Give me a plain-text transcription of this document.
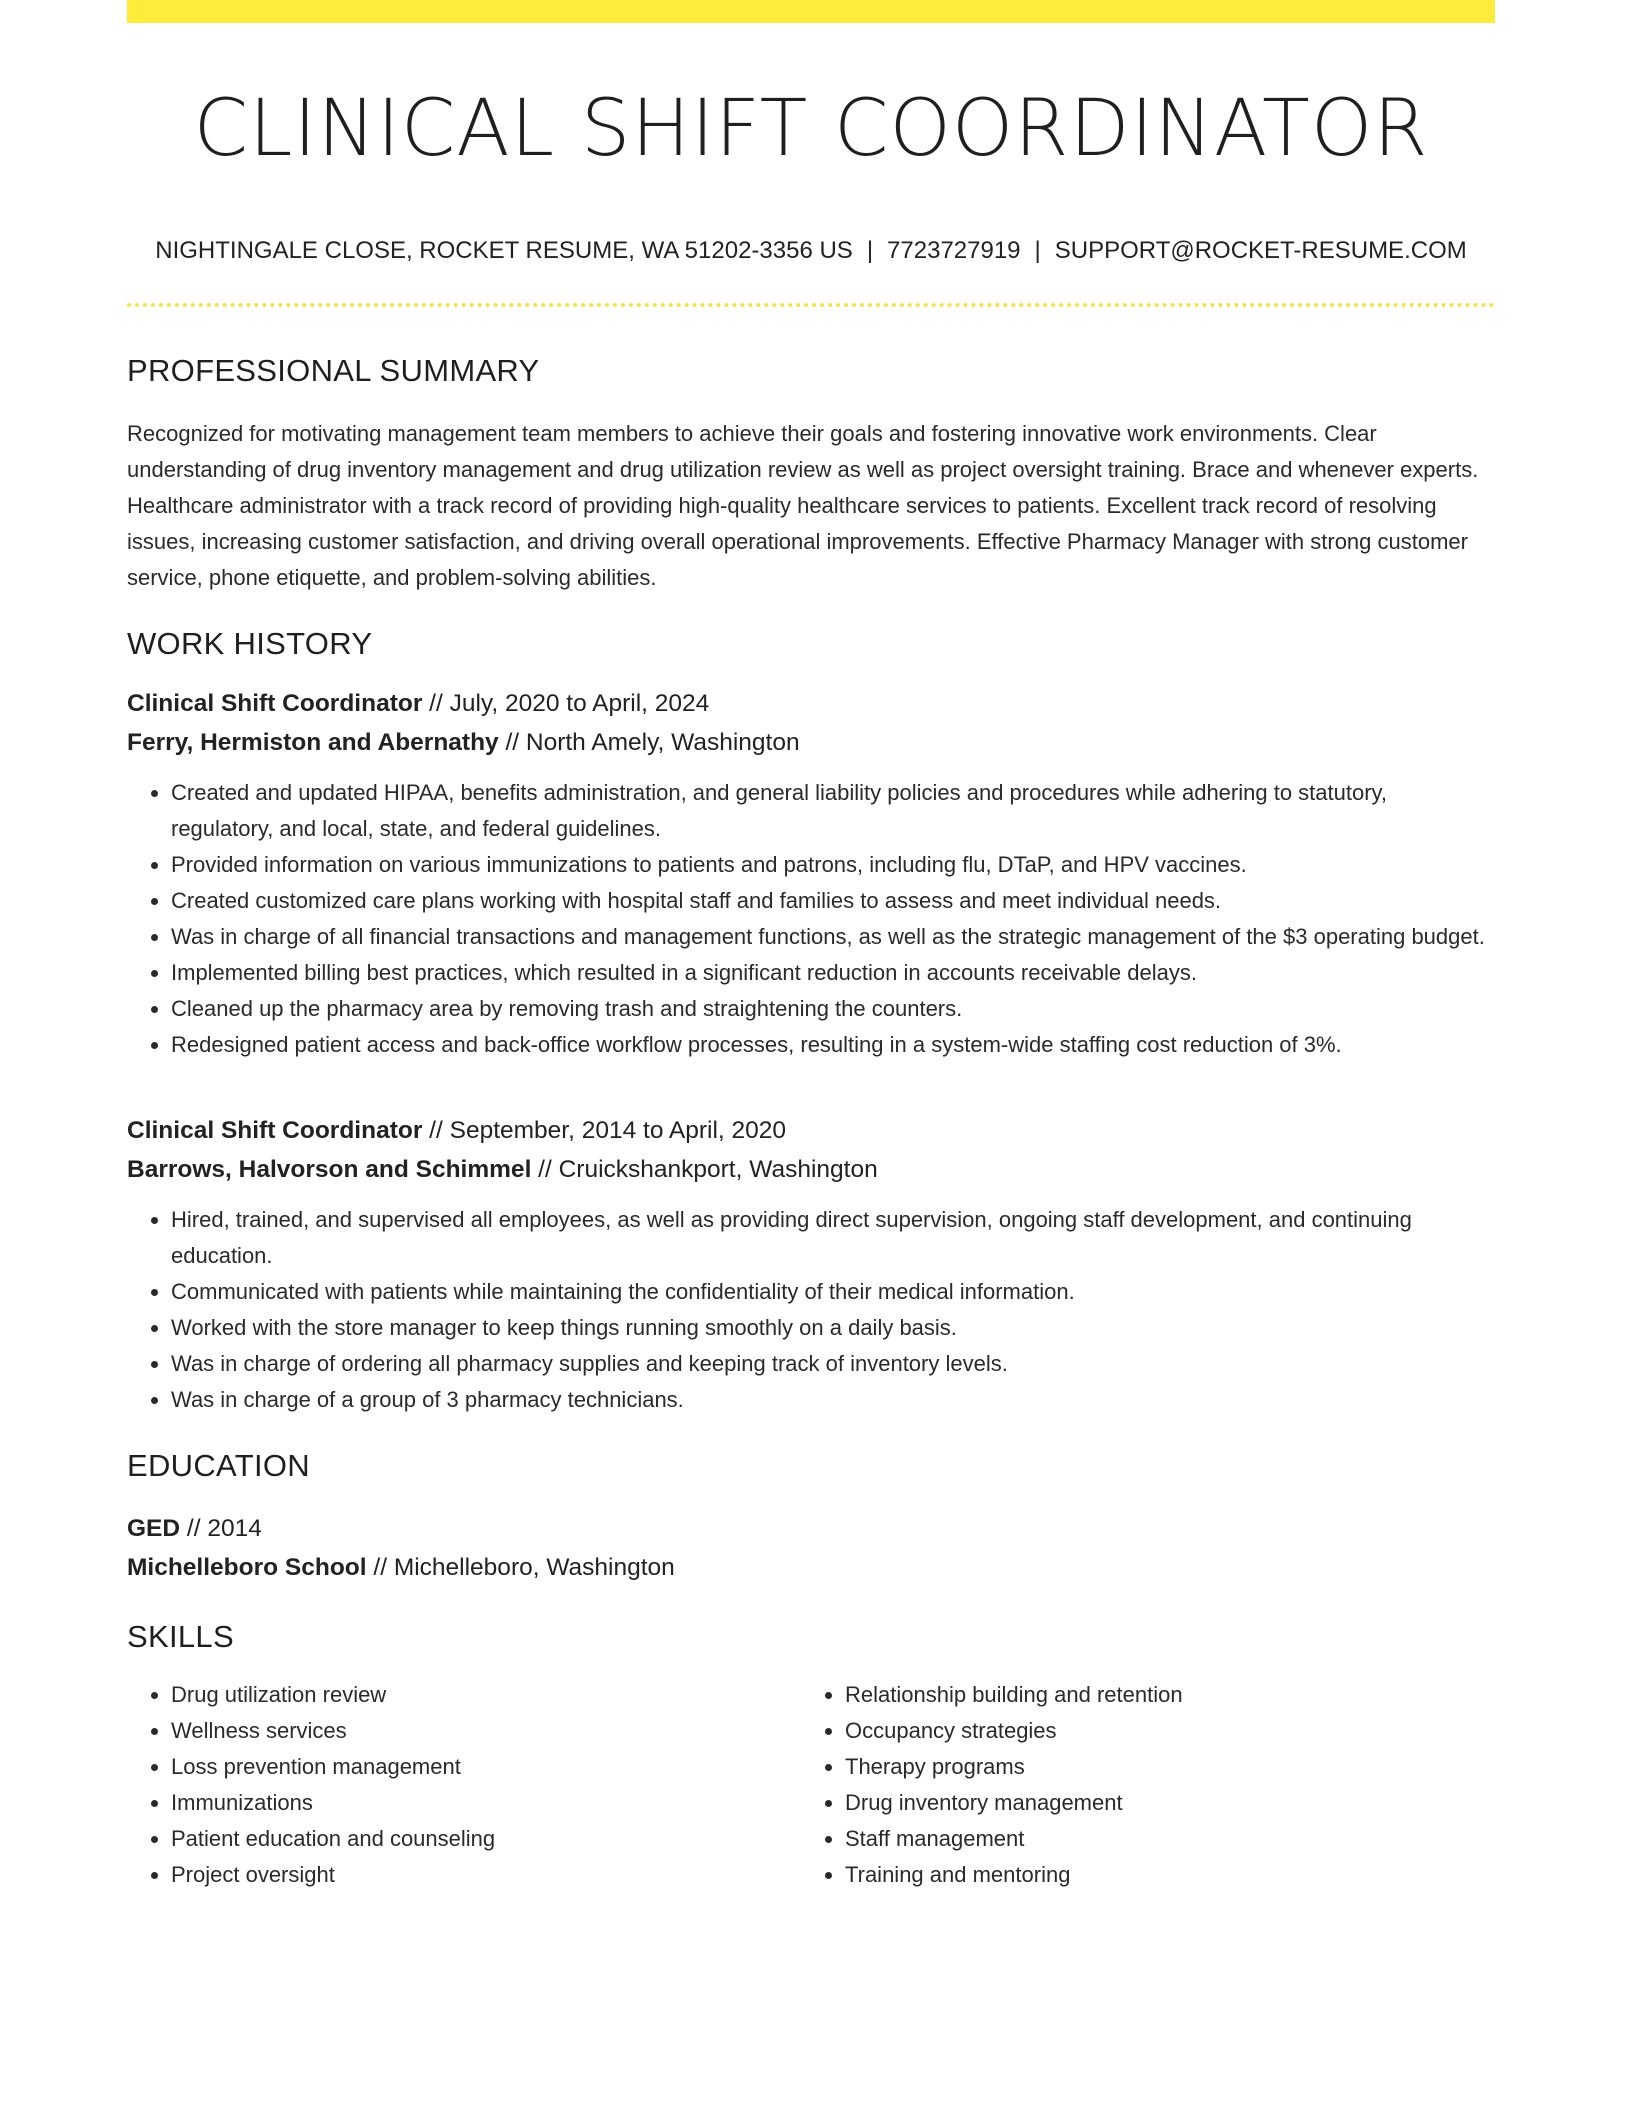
CLINICAL SHIFT COORDINATOR
NIGHTINGALE CLOSE, ROCKET RESUME, WA 51202-3356 US | 7723727919 | SUPPORT@ROCKET-RESUME.COM
PROFESSIONAL SUMMARY

Recognized for motivating management team members to achieve their goals and fostering innovative work environments. Clear understanding of drug inventory management and drug utilization review as well as project oversight training. Brace and whenever experts. Healthcare administrator with a track record of providing high-quality healthcare services to patients. Excellent track record of resolving issues, increasing customer satisfaction, and driving overall operational improvements. Effective Pharmacy Manager with strong customer service, phone etiquette, and problem-solving abilities.

WORK HISTORY
Clinical Shift Coordinator // July, 2020 to April, 2024
Ferry, Hermiston and Abernathy // North Amely, Washington
• Created and updated HIPAA, benefits administration, and general liability policies and procedures while adhering to statutory, regulatory, and local, state, and federal guidelines.
• Provided information on various immunizations to patients and patrons, including flu, DTaP, and HPV vaccines.
• Created customized care plans working with hospital staff and families to assess and meet individual needs.
• Was in charge of all financial transactions and management functions, as well as the strategic management of the $3 operating budget.
• Implemented billing best practices, which resulted in a significant reduction in accounts receivable delays.
• Cleaned up the pharmacy area by removing trash and straightening the counters.
• Redesigned patient access and back-office workflow processes, resulting in a system-wide staffing cost reduction of 3%.
Clinical Shift Coordinator // September, 2014 to April, 2020
Barrows, Halvorson and Schimmel // Cruickshankport, Washington
• Hired, trained, and supervised all employees, as well as providing direct supervision, ongoing staff development, and continuing education.
• Communicated with patients while maintaining the confidentiality of their medical information.
• Worked with the store manager to keep things running smoothly on a daily basis.
• Was in charge of ordering all pharmacy supplies and keeping track of inventory levels.
• Was in charge of a group of 3 pharmacy technicians.
EDUCATION
GED // 2014
Michelleboro School // Michelleboro, Washington
SKILLS
• Drug utilization review
• Wellness services
• Loss prevention management
• Immunizations
• Patient education and counseling
• Project oversight
• Relationship building and retention
• Occupancy strategies
• Therapy programs
• Drug inventory management
• Staff management
• Training and mentoring
